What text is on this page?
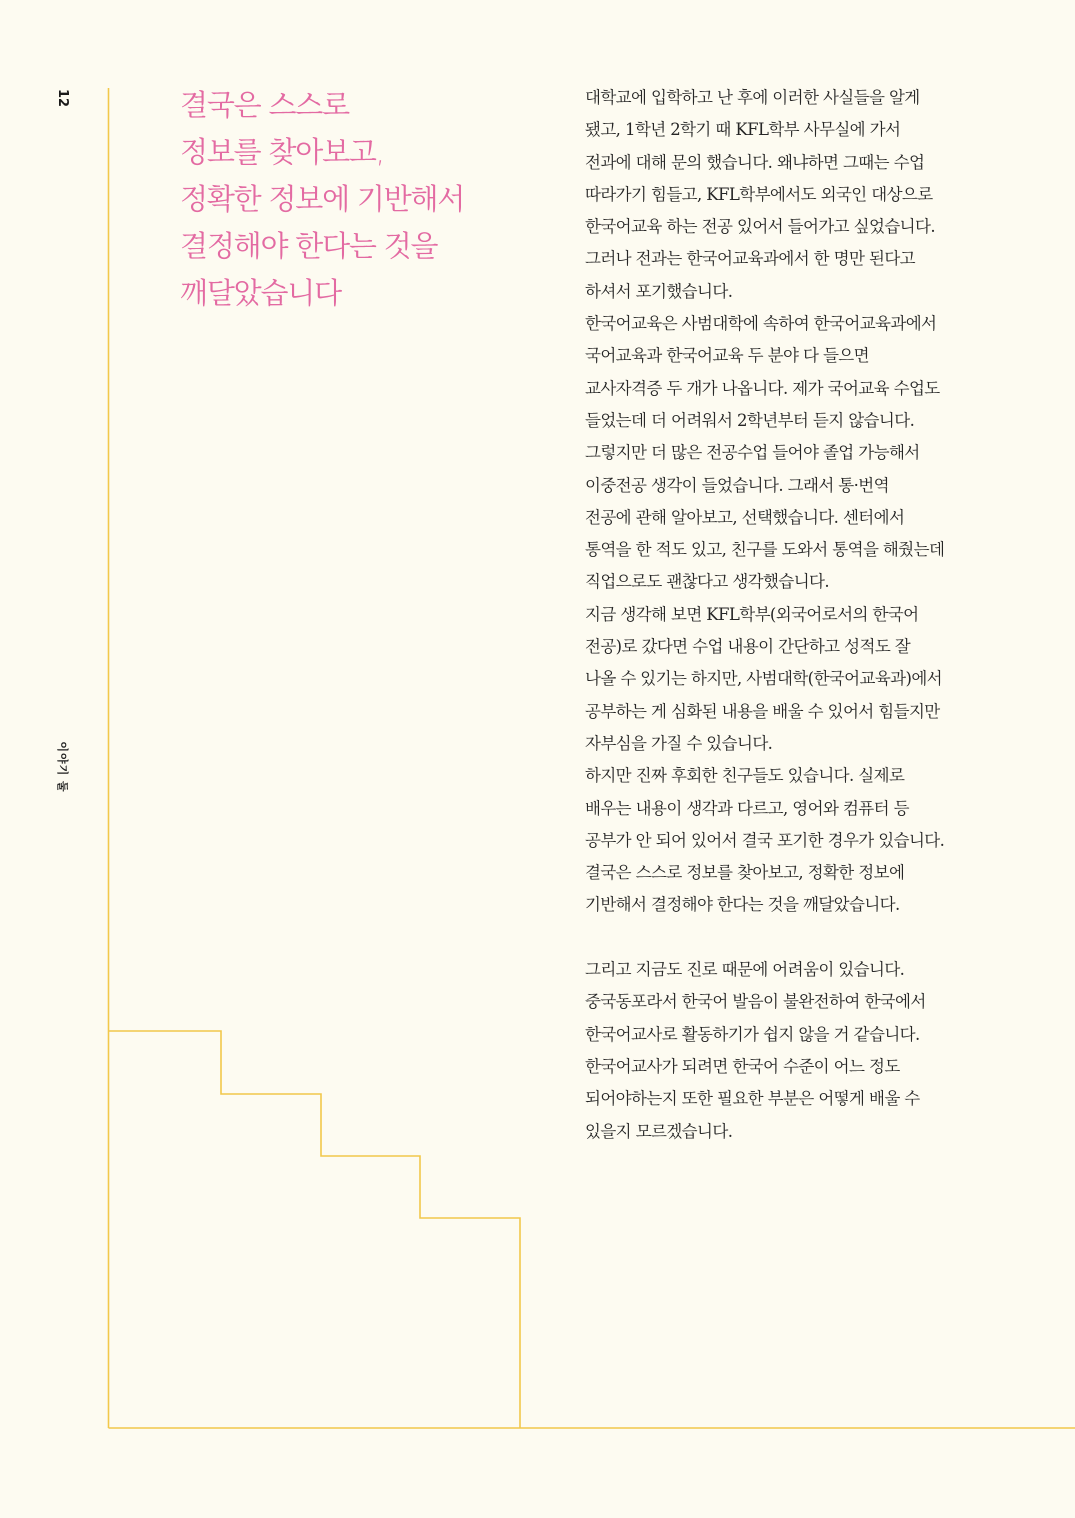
12
이야기 둘
결국은 스스로
정보를 찾아보고,
정확한 정보에 기반해서
결정해야 한다는 것을
깨달았습니다
대학교에 입학하고 난 후에 이러한 사실들을 알게
됐고, 1학년 2학기 때 KFL학부 사무실에 가서
전과에 대해 문의 했습니다. 왜냐하면 그때는 수업
따라가기 힘들고, KFL학부에서도 외국인 대상으로
한국어교육 하는 전공 있어서 들어가고 싶었습니다.
그러나 전과는 한국어교육과에서 한 명만 된다고
하셔서 포기했습니다.
한국어교육은 사범대학에 속하여 한국어교육과에서
국어교육과 한국어교육 두 분야 다 들으면
교사자격증 두 개가 나옵니다. 제가 국어교육 수업도
들었는데 더 어려워서 2학년부터 듣지 않습니다.
그렇지만 더 많은 전공수업 들어야 졸업 가능해서
이중전공 생각이 들었습니다. 그래서 통·번역
전공에 관해 알아보고, 선택했습니다. 센터에서
통역을 한 적도 있고, 친구를 도와서 통역을 해줬는데
직업으로도 괜찮다고 생각했습니다.
지금 생각해 보면 KFL학부(외국어로서의 한국어
전공)로 갔다면 수업 내용이 간단하고 성적도 잘
나올 수 있기는 하지만, 사범대학(한국어교육과)에서
공부하는 게 심화된 내용을 배울 수 있어서 힘들지만
자부심을 가질 수 있습니다.
하지만 진짜 후회한 친구들도 있습니다. 실제로
배우는 내용이 생각과 다르고, 영어와 컴퓨터 등
공부가 안 되어 있어서 결국 포기한 경우가 있습니다.
결국은 스스로 정보를 찾아보고, 정확한 정보에
기반해서 결정해야 한다는 것을 깨달았습니다.
그리고 지금도 진로 때문에 어려움이 있습니다.
중국동포라서 한국어 발음이 불완전하여 한국에서
한국어교사로 활동하기가 쉽지 않을 거 같습니다.
한국어교사가 되려면 한국어 수준이 어느 정도
되어야하는지 또한 필요한 부분은 어떻게 배울 수
있을지 모르겠습니다.
